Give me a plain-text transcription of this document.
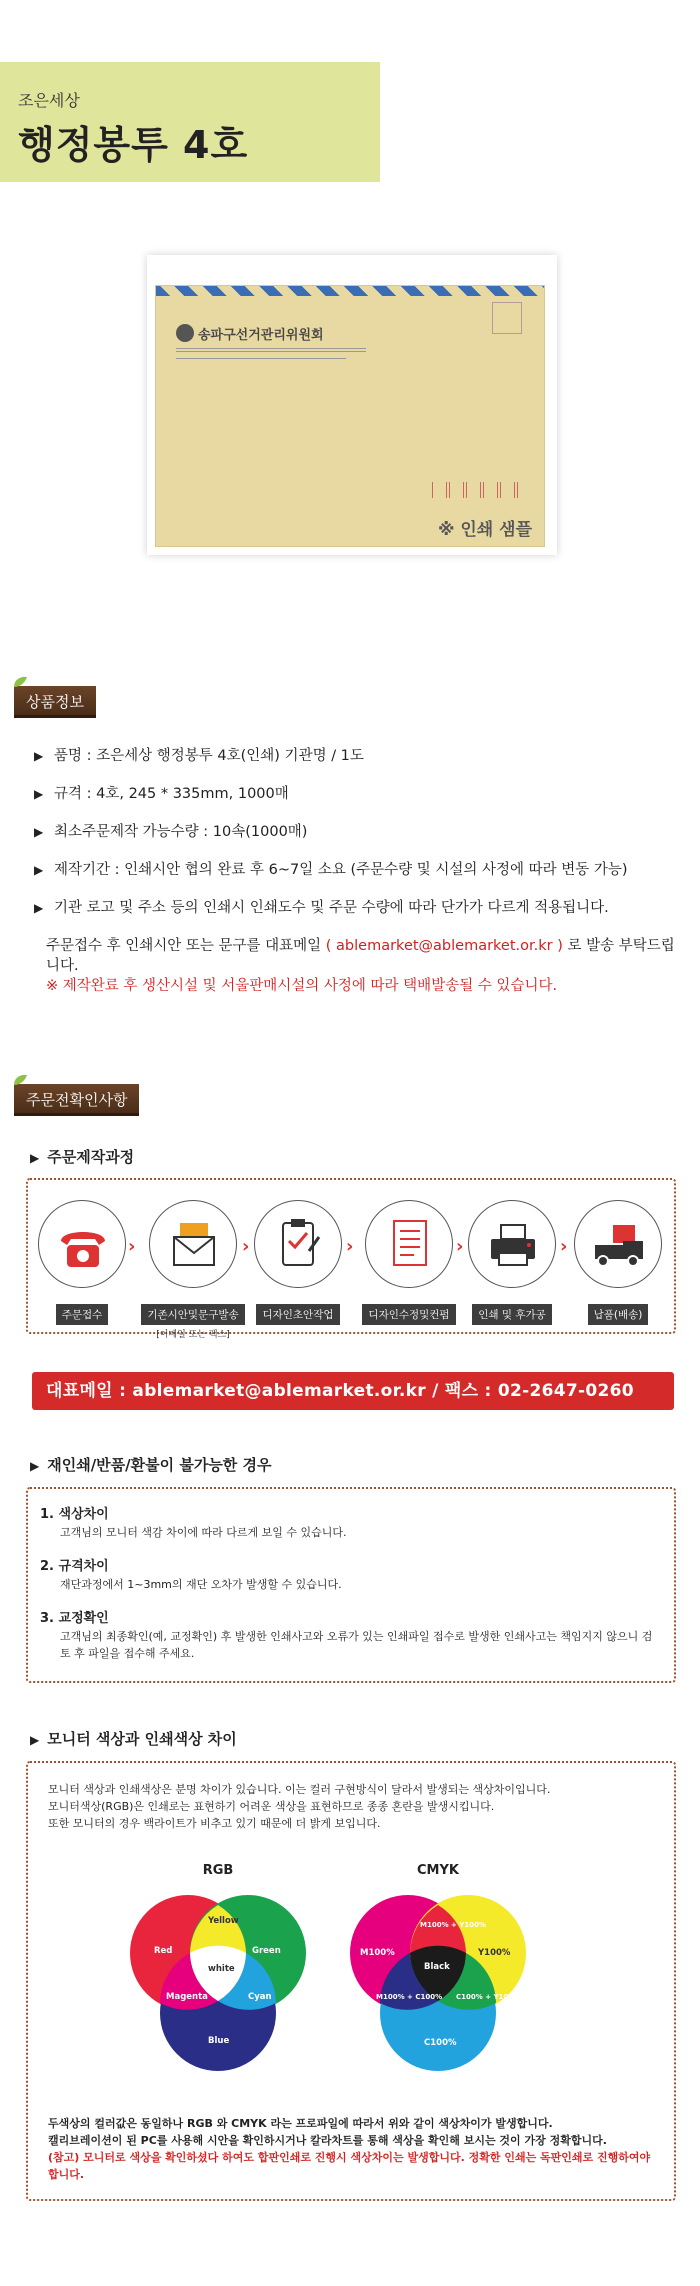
조은세상
행정봉투 4호
송파구선거관리위원회
※ 인쇄 샘플
상품정보
▶ 품명 : 조은세상 행정봉투 4호(인쇄) 기관명 / 1도
▶ 규격 : 4호, 245 * 335mm, 1000매
▶ 최소주문제작 가능수량 : 10속(1000매)
▶ 제작기간 : 인쇄시안 협의 완료 후 6~7일 소요 (주문수량 및 시설의 사정에 따라 변동 가능)
▶ 기관 로고 및 주소 등의 인쇄시 인쇄도수 및 주문 수량에 따라 단가가 다르게 적용됩니다.
주문접수 후 인쇄시안 또는 문구를 대표메일 ( ablemarket@ablemarket.or.kr ) 로 발송 부탁드립니다.
※ 제작완료 후 생산시설 및 서울판매시설의 사정에 따라 택배발송될 수 있습니다.
주문전확인사항
▶ 주문제작과정
주문접수
›
기존시안및문구발송
[이메일 또는 팩스]
›
디자인초안작업
›
디자인수정및컨펌
›
인쇄 및 후가공
›
납품(배송)
대표메일 : ablemarket@ablemarket.or.kr / 팩스 : 02-2647-0260
▶ 재인쇄/반품/환불이 불가능한 경우
1. 색상차이
고객님의 모니터 색감 차이에 따라 다르게 보일 수 있습니다.
2. 규격차이
재단과정에서 1~3mm의 재단 오차가 발생할 수 있습니다.
3. 교정확인
고객님의 최종확인(예, 교정확인) 후 발생한 인쇄사고와 오류가 있는 인쇄파일 접수로 발생한 인쇄사고는 책임지지 않으니 검토 후 파일을 접수해 주세요.
▶ 모니터 색상과 인쇄색상 차이
모니터 색상과 인쇄색상은 분명 차이가 있습니다. 이는 컬러 구현방식이 달라서 발생되는 색상차이입니다.
모니터색상(RGB)은 인쇄로는 표현하기 어려운 색상을 표현하므로 종종 혼란을 발생시킵니다.
또한 모니터의 경우 백라이트가 비추고 있기 때문에 더 밝게 보입니다.
RGB
Red	Green
Yellow
Magenta	Cyan
white
Blue
CMYK
M100%	Y100%
M100% + Y100%
M100% + C100% C100% + Y100%
Black
C100%
두색상의 컬러값은 동일하나 RGB 와 CMYK 라는 프로파일에 따라서 위와 같이 색상차이가 발생합니다.
캘리브레이션이 된 PC를 사용해 시안을 확인하시거나 칼라차트를 통해 색상을 확인해 보시는 것이 가장 정확합니다.
(참고) 모니터로 색상을 확인하셨다 하여도 합판인쇄로 진행시 색상차이는 발생합니다. 정확한 인쇄는 독판인쇄로 진행하여야 합니다.
